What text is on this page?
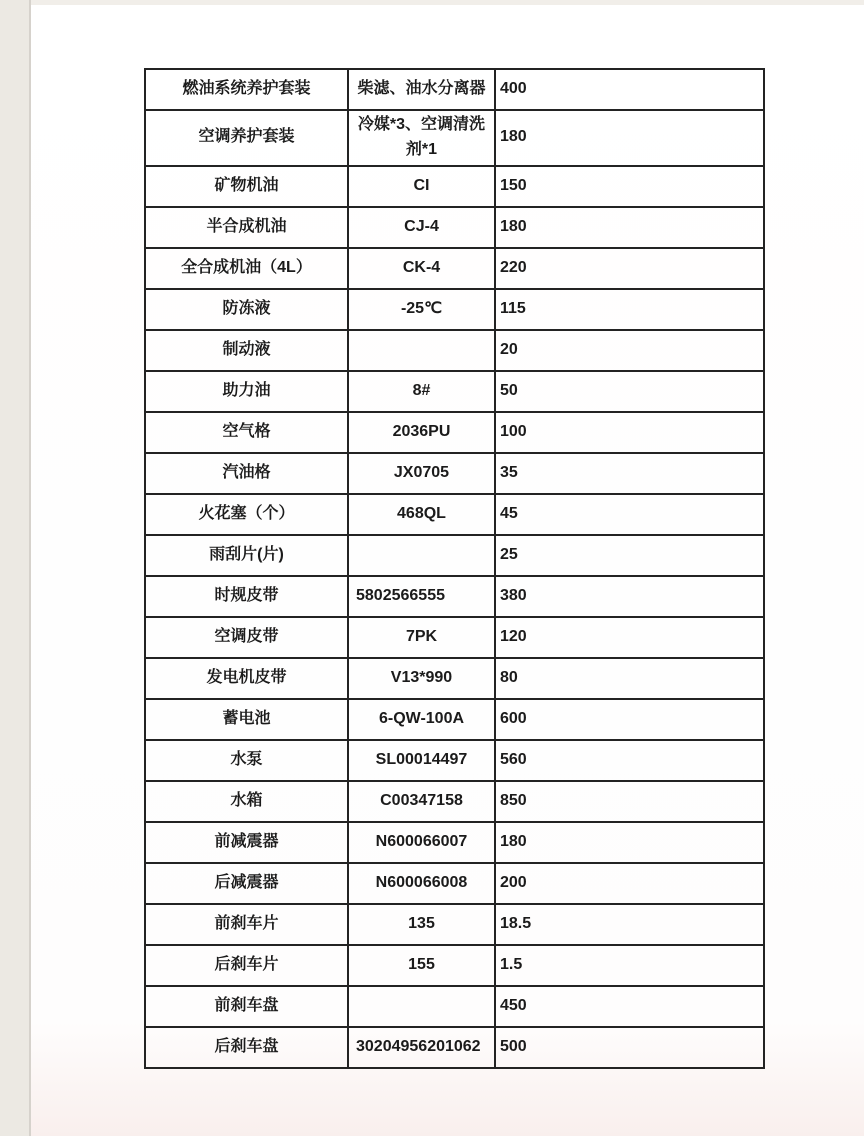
燃油系统养护套装	柴滤、油水分离器	400
空调养护套装	冷媒*3、空调清洗剂*1	180
矿物机油	CI	150
半合成机油	CJ-4	180
全合成机油（4L）	CK-4	220
防冻液	-25℃	115
制动液		20
助力油	8#	50
空气格	2036PU	100
汽油格	JX0705	35
火花塞（个）	468QL	45
雨刮片(片)		25
时规皮带	5802566555	380
空调皮带	7PK	120
发电机皮带	V13*990	80
蓄电池	6-QW-100A	600
水泵	SL00014497	560
水箱	C00347158	850
前减震器	N600066007	180
后减震器	N600066008	200
前刹车片	135	18.5
后刹车片	155	1.5
前刹车盘		450
后刹车盘	30204956201062	500
